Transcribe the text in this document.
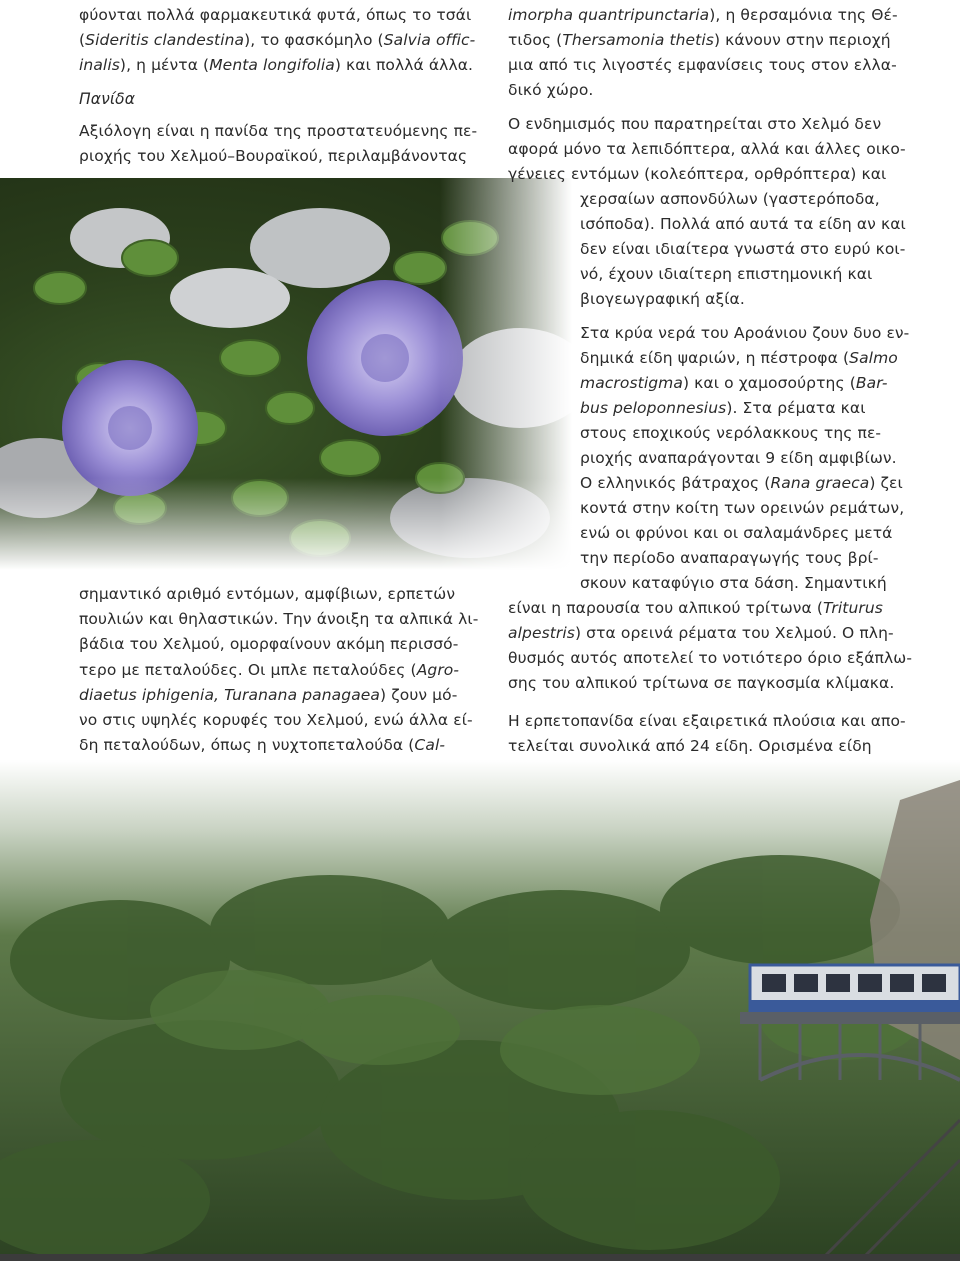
φύονται πολλά φαρμακευτικά φυτά, όπως το τσάι
(Sideritis clandestina), το φασκόμηλο (Salvia offic-
inalis), η μέντα (Menta longifolia) και πολλά άλλα.
Πανίδα
Αξιόλογη είναι η πανίδα της προστατευόμενης πε-
ριοχής του Χελμού–Βουραϊκού, περιλαμβάνοντας
σημαντικό αριθμό εντόμων, αμφίβιων, ερπετών
πουλιών και θηλαστικών. Την άνοιξη τα αλπικά λι-
βάδια του Χελμού, ομορφαίνουν ακόμη περισσό-
τερο με πεταλούδες. Οι μπλε πεταλούδες (Agro-
diaetus iphigenia, Turanana panagaea) ζουν μό-
νο στις υψηλές κορυφές του Χελμού, ενώ άλλα εί-
δη πεταλούδων, όπως η νυχτοπεταλούδα (Cal-
imorpha quantripunctaria), η θερσαμόνια της Θέ-
τιδος (Thersamonia thetis) κάνουν στην περιοχή
μια από τις λιγοστές εμφανίσεις τους στον ελλα-
δικό χώρο.
Ο ενδημισμός που παρατηρείται στο Χελμό δεν
αφορά μόνο τα λεπιδόπτερα, αλλά και άλλες οικο-
γένειες εντόμων (κολεόπτερα, ορθρόπτερα) και
χερσαίων ασπονδύλων (γαστερόποδα,
ισόποδα). Πολλά από αυτά τα είδη αν και
δεν είναι ιδιαίτερα γνωστά στο ευρύ κοι-
νό, έχουν ιδιαίτερη επιστημονική και
βιογεωγραφική αξία.
Στα κρύα νερά του Αροάνιου ζουν δυο εν-
δημικά είδη ψαριών, η πέστροφα (Salmo
macrostigma) και ο χαμοσούρτης (Bar-
bus peloponnesius). Στα ρέματα και
στους εποχικούς νερόλακκους της πε-
ριοχής αναπαράγονται 9 είδη αμφιβίων.
Ο ελληνικός βάτραχος (Rana graeca) ζει
κοντά στην κοίτη των ορεινών ρεμάτων,
ενώ οι φρύνοι και οι σαλαμάνδρες μετά
την περίοδο αναπαραγωγής τους βρί-
σκουν καταφύγιο στα δάση. Σημαντική
είναι η παρουσία του αλπικού τρίτωνα (Triturus
alpestris) στα ορεινά ρέματα του Χελμού. Ο πλη-
θυσμός αυτός αποτελεί το νοτιότερο όριο εξάπλω-
σης του αλπικού τρίτωνα σε παγκοσμία κλίμακα.
Η ερπετοπανίδα είναι εξαιρετικά πλούσια και απο-
τελείται συνολικά από 24 είδη. Ορισμένα είδη
